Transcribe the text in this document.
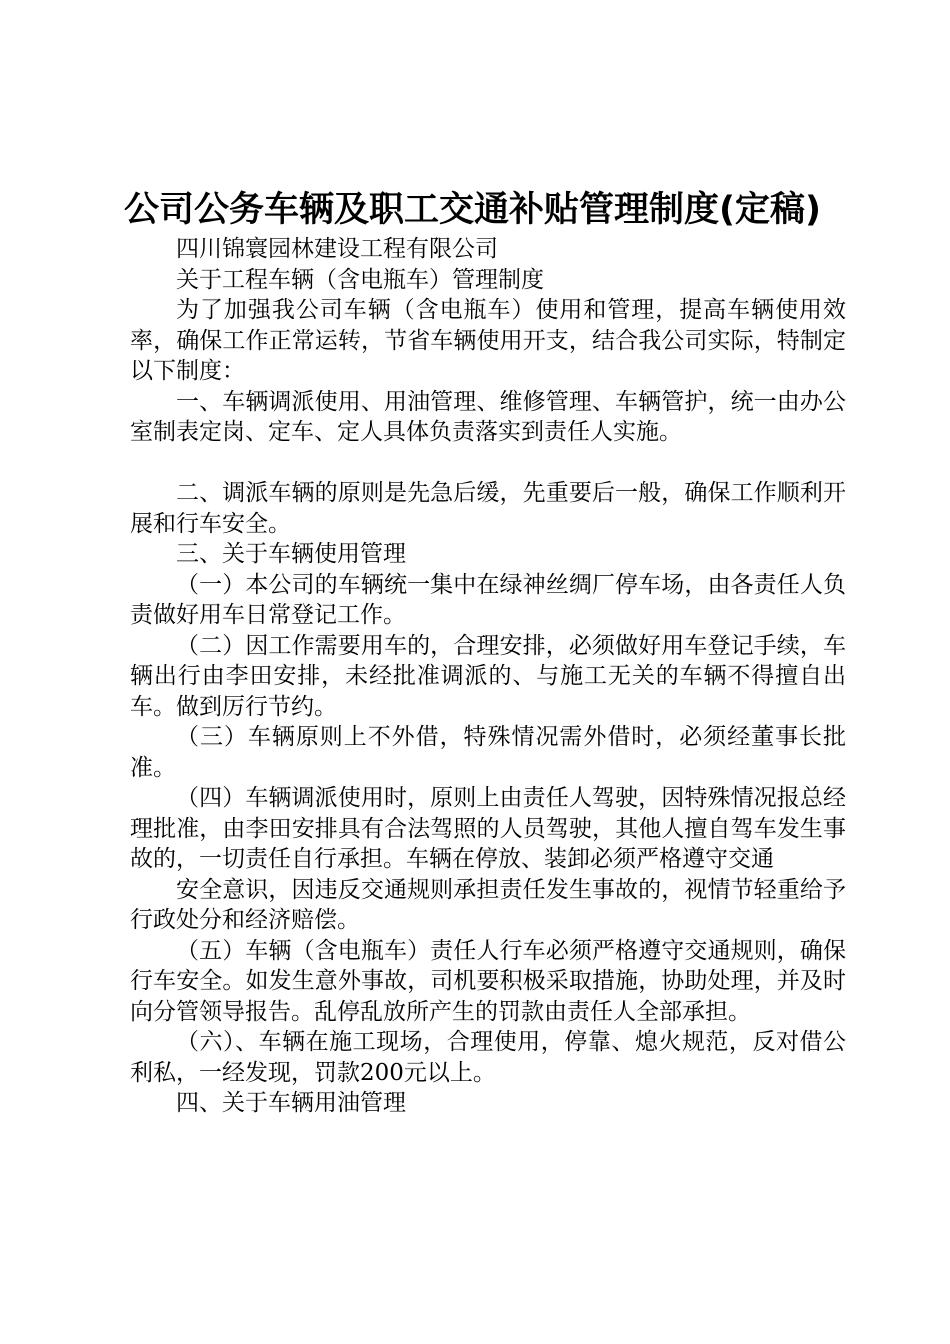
公司公务车辆及职工交通补贴管理制度(定稿)

四川锦寰园林建设工程有限公司

关于工程车辆（含电瓶车）管理制度

为了加强我公司车辆（含电瓶车）使用和管理，提高车辆使用效率，确保工作正常运转，节省车辆使用开支，结合我公司实际，特制定以下制度：

一、车辆调派使用、用油管理、维修管理、车辆管护，统一由办公室制表定岗、定车、定人具体负责落实到责任人实施。

二、调派车辆的原则是先急后缓，先重要后一般，确保工作顺利开展和行车安全。

三、关于车辆使用管理

（一）本公司的车辆统一集中在绿神丝绸厂停车场，由各责任人负责做好用车日常登记工作。

（二）因工作需要用车的，合理安排，必须做好用车登记手续，车辆出行由李田安排，未经批准调派的、与施工无关的车辆不得擅自出车。做到厉行节约。

（三）车辆原则上不外借，特殊情况需外借时，必须经董事长批准。

（四）车辆调派使用时，原则上由责任人驾驶，因特殊情况报总经理批准，由李田安排具有合法驾照的人员驾驶，其他人擅自驾车发生事故的，一切责任自行承担。车辆在停放、装卸必须严格遵守交通

安全意识，因违反交通规则承担责任发生事故的，视情节轻重给予行政处分和经济赔偿。

（五）车辆（含电瓶车）责任人行车必须严格遵守交通规则，确保行车安全。如发生意外事故，司机要积极采取措施，协助处理，并及时向分管领导报告。乱停乱放所产生的罚款由责任人全部承担。

（六）、车辆在施工现场，合理使用，停靠、熄火规范，反对借公利私，一经发现，罚款200元以上。

四、关于车辆用油管理
